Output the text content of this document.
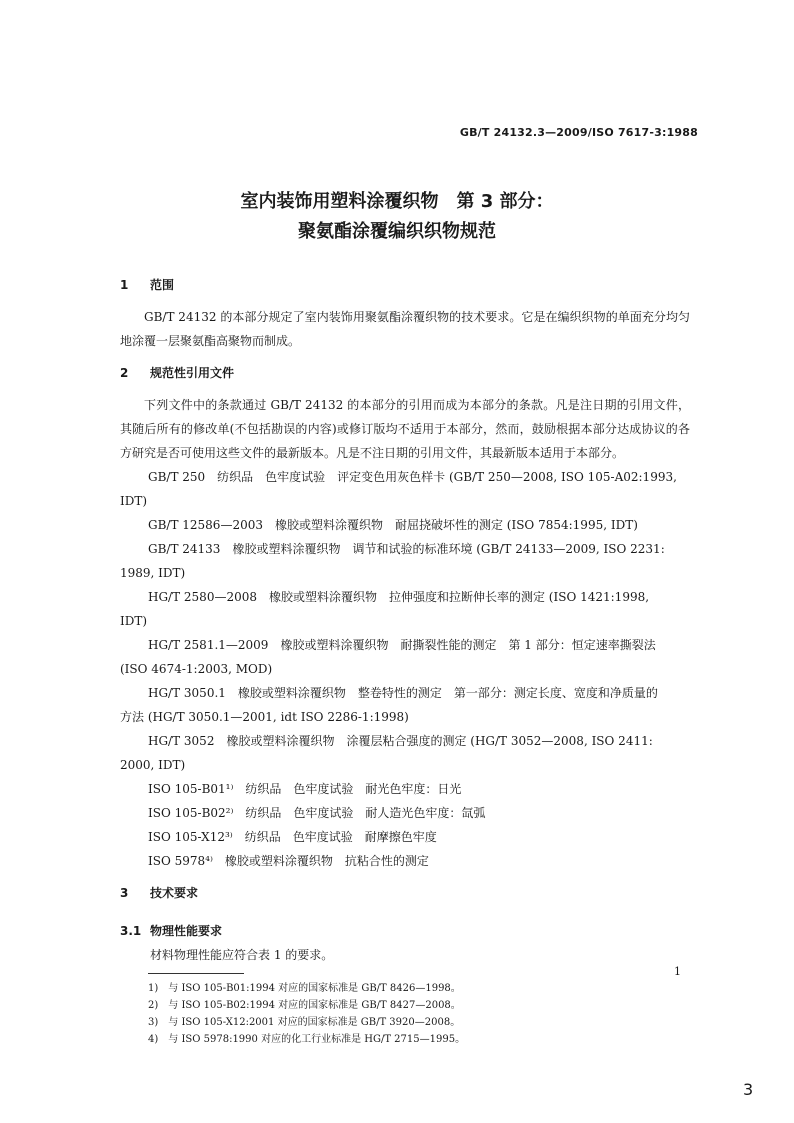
GB/T 24132.3—2009/ISO 7617-3:1988
室内装饰用塑料涂覆织物　第 3 部分：
聚氨酯涂覆编织织物规范
1 范围
GB/T 24132 的本部分规定了室内装饰用聚氨酯涂覆织物的技术要求。它是在编织织物的单面充分均匀地涂覆一层聚氨酯高聚物而制成。
2 规范性引用文件
下列文件中的条款通过 GB/T 24132 的本部分的引用而成为本部分的条款。凡是注日期的引用文件，其随后所有的修改单(不包括勘误的内容)或修订版均不适用于本部分，然而，鼓励根据本部分达成协议的各方研究是否可使用这些文件的最新版本。凡是不注日期的引用文件，其最新版本适用于本部分。
GB/T 250　纺织品　色牢度试验　评定变色用灰色样卡 (GB/T 250—2008, ISO 105-A02:1993,
IDT)
GB/T 12586—2003　橡胶或塑料涂覆织物　耐屈挠破坏性的测定 (ISO 7854:1995, IDT)
GB/T 24133　橡胶或塑料涂覆织物　调节和试验的标准环境 (GB/T 24133—2009, ISO 2231:
1989, IDT)
HG/T 2580—2008　橡胶或塑料涂覆织物　拉伸强度和拉断伸长率的测定 (ISO 1421:1998,
IDT)
HG/T 2581.1—2009　橡胶或塑料涂覆织物　耐撕裂性能的测定　第 1 部分：恒定速率撕裂法
(ISO 4674-1:2003, MOD)
HG/T 3050.1　橡胶或塑料涂覆织物　整卷特性的测定　第一部分：测定长度、宽度和净质量的
方法 (HG/T 3050.1—2001, idt ISO 2286-1:1998)
HG/T 3052　橡胶或塑料涂覆织物　涂覆层粘合强度的测定 (HG/T 3052—2008, ISO 2411:
2000, IDT)
ISO 105-B01¹⁾　纺织品　色牢度试验　耐光色牢度：日光
ISO 105-B02²⁾　纺织品　色牢度试验　耐人造光色牢度：氙弧
ISO 105-X12³⁾　纺织品　色牢度试验　耐摩擦色牢度
ISO 5978⁴⁾　橡胶或塑料涂覆织物　抗粘合性的测定
3 技术要求
3.1 物理性能要求
材料物理性能应符合表 1 的要求。
1)　与 ISO 105-B01:1994 对应的国家标准是 GB/T 8426—1998。
2)　与 ISO 105-B02:1994 对应的国家标准是 GB/T 8427—2008。
3)　与 ISO 105-X12:2001 对应的国家标准是 GB/T 3920—2008。
4)　与 ISO 5978:1990 对应的化工行业标准是 HG/T 2715—1995。
1
3
